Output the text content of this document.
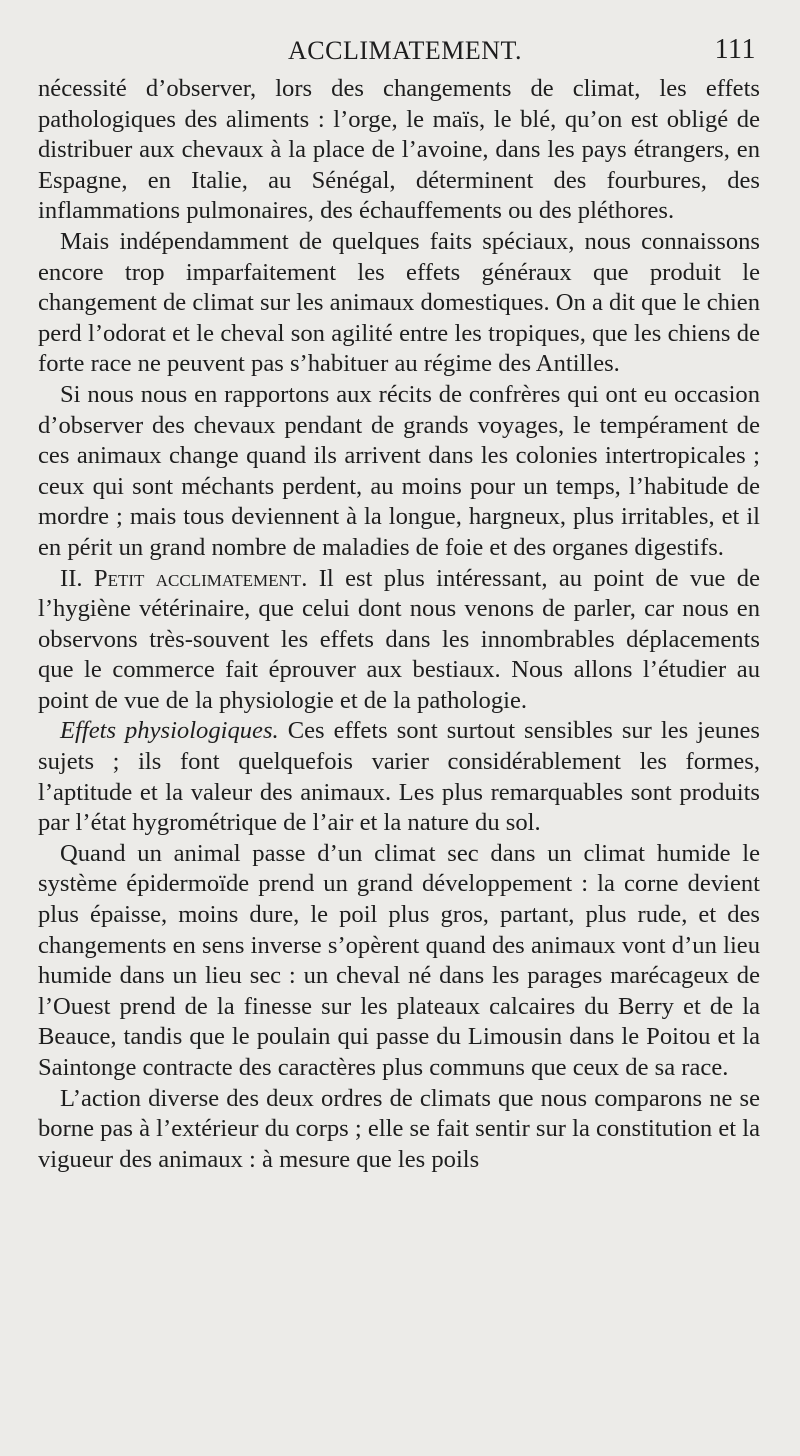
ACCLIMATEMENT.	111

nécessité d’observer, lors des changements de climat, les effets pathologiques des aliments : l’orge, le maïs, le blé, qu’on est obligé de distribuer aux chevaux à la place de l’avoine, dans les pays étrangers, en Espagne, en Italie, au Sénégal, déterminent des fourbures, des inflammations pulmonaires, des échauffements ou des pléthores.

Mais indépendamment de quelques faits spéciaux, nous connaissons encore trop imparfaitement les effets généraux que produit le changement de climat sur les animaux domestiques. On a dit que le chien perd l’odorat et le cheval son agilité entre les tropiques, que les chiens de forte race ne peuvent pas s’habituer au régime des Antilles.

Si nous nous en rapportons aux récits de confrères qui ont eu occasion d’observer des chevaux pendant de grands voyages, le tempérament de ces animaux change quand ils arrivent dans les colonies intertropicales ; ceux qui sont méchants perdent, au moins pour un temps, l’habitude de mordre ; mais tous deviennent à la longue, hargneux, plus irritables, et il en périt un grand nombre de maladies de foie et des organes digestifs.

II. Petit acclimatement. Il est plus intéressant, au point de vue de l’hygiène vétérinaire, que celui dont nous venons de parler, car nous en observons très-souvent les effets dans les innombrables déplacements que le commerce fait éprouver aux bestiaux. Nous allons l’étudier au point de vue de la physiologie et de la pathologie.

Effets physiologiques. Ces effets sont surtout sensibles sur les jeunes sujets ; ils font quelquefois varier considérablement les formes, l’aptitude et la valeur des animaux. Les plus remarquables sont produits par l’état hygrométrique de l’air et la nature du sol.

Quand un animal passe d’un climat sec dans un climat humide le système épidermoïde prend un grand développement : la corne devient plus épaisse, moins dure, le poil plus gros, partant, plus rude, et des changements en sens inverse s’opèrent quand des animaux vont d’un lieu humide dans un lieu sec : un cheval né dans les parages marécageux de l’Ouest prend de la finesse sur les plateaux calcaires du Berry et de la Beauce, tandis que le poulain qui passe du Limousin dans le Poitou et la Saintonge contracte des caractères plus communs que ceux de sa race.

L’action diverse des deux ordres de climats que nous comparons ne se borne pas à l’extérieur du corps ; elle se fait sentir sur la constitution et la vigueur des animaux : à mesure que les poils
